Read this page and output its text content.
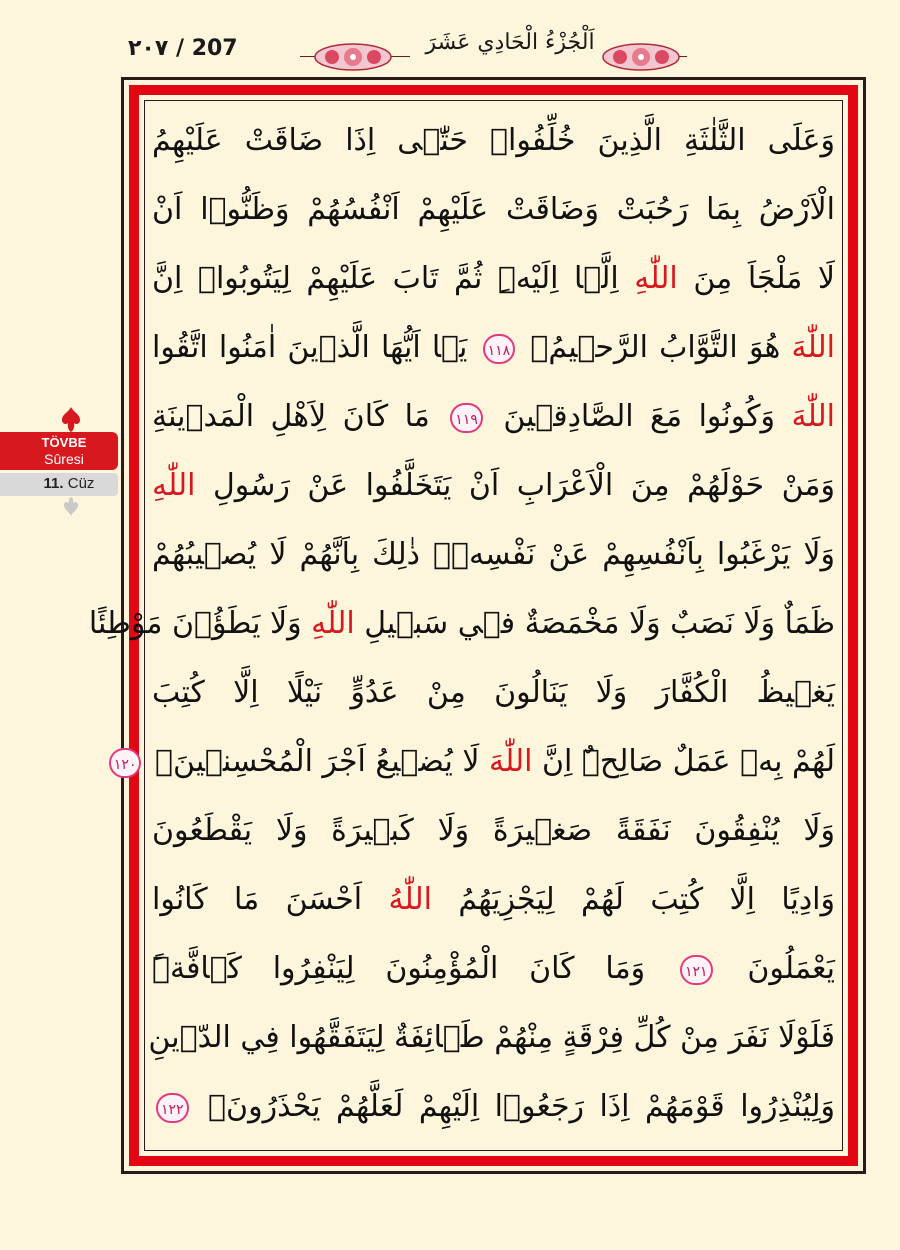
٢٠٧ / 207	اَلْجُزْءُ الْحَادِي عَشَرَ
TÖVBE
Sûresi
11. Cüz
وَعَلَى الثَّلٰثَةِ الَّذِينَ خُلِّفُواۜ حَتّٰۤى اِذَا ضَاقَتْ عَلَيْهِمُ
الْاَرْضُ بِمَا رَحُبَتْ وَضَاقَتْ عَلَيْهِمْ اَنْفُسُهُمْ وَظَنُّوۤا اَنْ
لَا مَلْجَاَ مِنَ اللّٰهِ اِلَّۤا اِلَيْهِۜ ثُمَّ تَابَ عَلَيْهِمْ لِيَتُوبُواۜ اِنَّ
اللّٰهَ هُوَ التَّوَّابُ الرَّح۪يمُ۟ ١١٨ يَۤا اَيُّهَا الَّذ۪ينَ اٰمَنُوا اتَّقُوا
اللّٰهَ وَكُونُوا مَعَ الصَّادِق۪ينَ ١١٩ مَا كَانَ لِاَهْلِ الْمَد۪ينَةِ
وَمَنْ حَوْلَهُمْ مِنَ الْاَعْرَابِ اَنْ يَتَخَلَّفُوا عَنْ رَسُولِ اللّٰهِ
وَلَا يَرْغَبُوا بِاَنْفُسِهِمْ عَنْ نَفْسِه۪ۜ ذٰلِكَ بِاَنَّهُمْ لَا يُص۪يبُهُمْ
ظَمَاٌ وَلَا نَصَبٌ وَلَا مَخْمَصَةٌ ف۪ي سَب۪يلِ اللّٰهِ وَلَا يَطَؤُ۫نَ مَوْطِئًا
يَغ۪يظُ الْكُفَّارَ وَلَا يَنَالُونَ مِنْ عَدُوٍّ نَيْلًا اِلَّا كُتِبَ
لَهُمْ بِه۪ عَمَلٌ صَالِحٌۜ اِنَّ اللّٰهَ لَا يُض۪يعُ اَجْرَ الْمُحْسِن۪ينَۙ ١٢٠
وَلَا يُنْفِقُونَ نَفَقَةً صَغ۪يرَةً وَلَا كَب۪يرَةً وَلَا يَقْطَعُونَ
وَادِيًا اِلَّا كُتِبَ لَهُمْ لِيَجْزِيَهُمُ اللّٰهُ اَحْسَنَ مَا كَانُوا
يَعْمَلُونَ ١٢١ وَمَا كَانَ الْمُؤْمِنُونَ لِيَنْفِرُوا كَۤافَّةًۜ
فَلَوْلَا نَفَرَ مِنْ كُلِّ فِرْقَةٍ مِنْهُمْ طَۤائِفَةٌ لِيَتَفَقَّهُوا فِي الدّ۪ينِ
وَلِيُنْذِرُوا قَوْمَهُمْ اِذَا رَجَعُوۤا اِلَيْهِمْ لَعَلَّهُمْ يَحْذَرُونَ۟ ١٢٢
